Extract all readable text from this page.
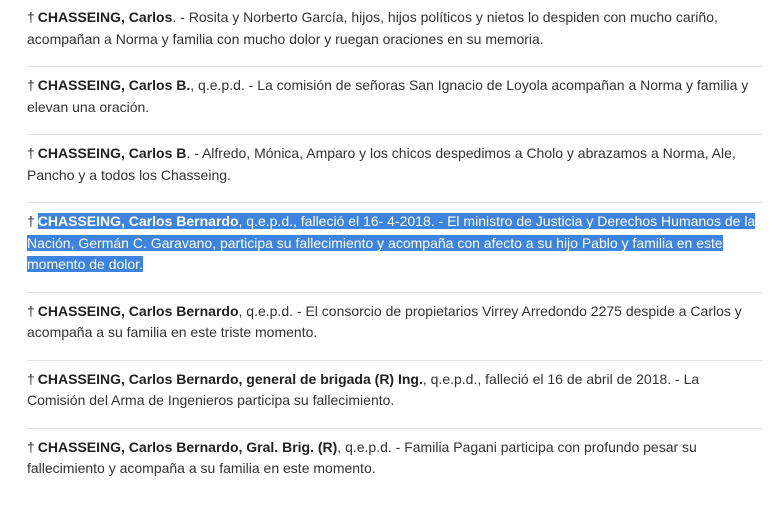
† CHASSEING, Carlos. - Rosita y Norberto García, hijos, hijos políticos y nietos lo despiden con mucho cariño, acompañan a Norma y familia con mucho dolor y ruegan oraciones en su memoria.
† CHASSEING, Carlos B., q.e.p.d. - La comisión de señoras San Ignacio de Loyola acompañan a Norma y familia y elevan una oración.
† CHASSEING, Carlos B. - Alfredo, Mónica, Amparo y los chicos despedimos a Cholo y abrazamos a Norma, Ale, Pancho y a todos los Chasseing.
† CHASSEING, Carlos Bernardo, q.e.p.d., falleció el 16- 4-2018. - El ministro de Justicia y Derechos Humanos de la Nación, Germán C. Garavano, participa su fallecimiento y acompaña con afecto a su hijo Pablo y familia en este momento de dolor.
† CHASSEING, Carlos Bernardo, q.e.p.d. - El consorcio de propietarios Virrey Arredondo 2275 despide a Carlos y acompaña a su familia en este triste momento.
† CHASSEING, Carlos Bernardo, general de brigada (R) Ing., q.e.p.d., falleció el 16 de abril de 2018. - La Comisión del Arma de Ingenieros participa su fallecimiento.
† CHASSEING, Carlos Bernardo, Gral. Brig. (R), q.e.p.d. - Familia Pagani participa con profundo pesar su fallecimiento y acompaña a su familia en este momento.
